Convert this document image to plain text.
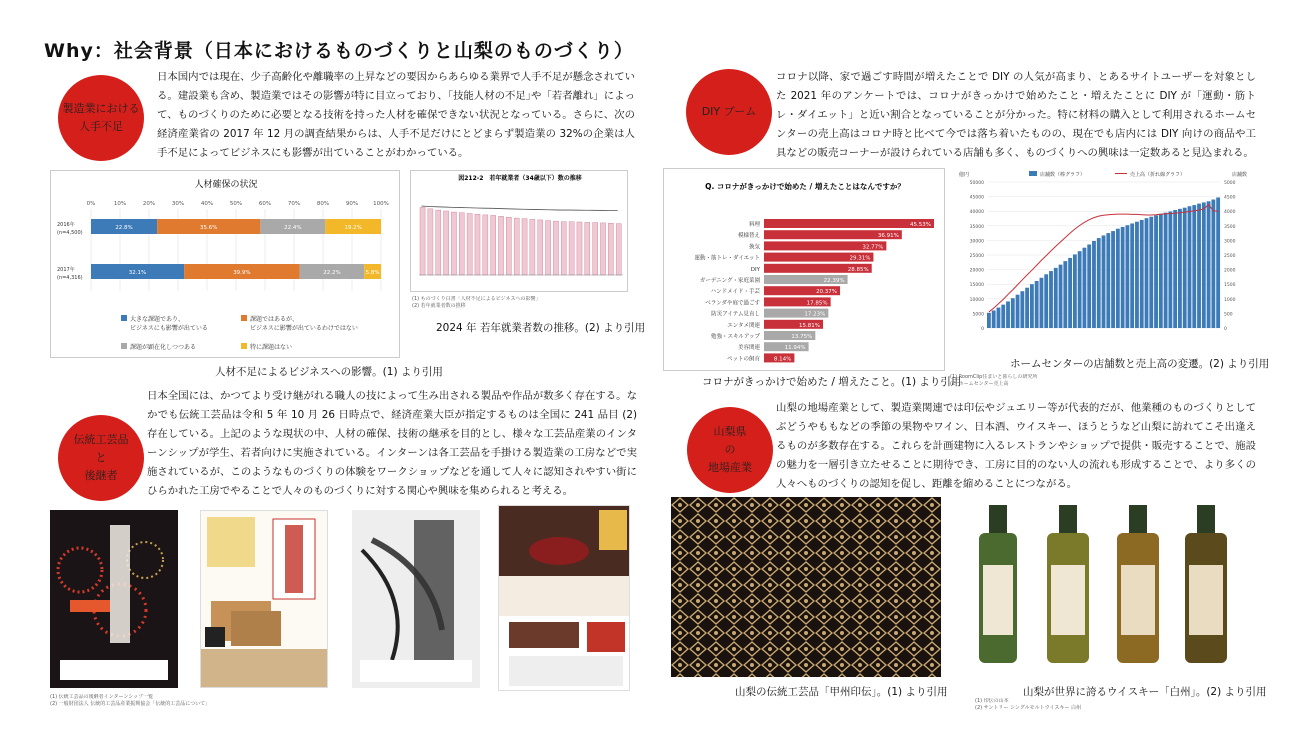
Why：社会背景（日本におけるものづくりと山梨のものづくり）
製造業における
人手不足
日本国内では現在、少子高齢化や離職率の上昇などの要因からあらゆる業界で人手不足が懸念されている。建設業も含め、製造業ではその影響が特に目立っており、｢技能人材の不足｣や「若者離れ」によって、ものづくりのために必要となる技術を持った人材を確保できない状況となっている。さらに、次の経済産業省の 2017 年 12 月の調査結果からは、人手不足だけにとどまらず製造業の 32%の企業は人手不足によってビジネスにも影響が出ていることがわかっている。
人材確保の状況
0%	10%	20%	30%	40%	50%	60%	70%	80%	90%	100%
2016年
(n=4,500)
22.8%	35.6%	22.4%	19.2%
2017年
(n=4,316)
32.1%	39.9%	22.2%	5.8%
大きな課題であり、
ビジネスにも影響が出ている
課題ではあるが、
ビジネスに影響が出ているわけではない
課題が顕在化しつつある	特に課題はない
人材不足によるビジネスへの影響。(1) より引用
図212-2　若年就業者（34歳以下）数の推移
(1) ものづくり白書「人材不足によるビジネスへの影響」
(2) 若年就業者数の推移
2024 年 若年就業者数の推移。(2) より引用
DIY ブーム
コロナ以降、家で過ごす時間が増えたことで DIY の人気が高まり、とあるサイトユーザーを対象とした 2021 年のアンケートでは、コロナがきっかけで始めたこと・増えたことに DIY が「運動・筋トレ・ダイエット」と近い割合となっていることが分かった。特に材料の購入として利用されるホームセンターの売上高はコロナ時と比べて今では落ち着いたものの、現在でも店内には DIY 向けの商品や工具などの販売コーナーが設けられている店舗も多く、ものづくりへの興味は一定数あると見込まれる。
Q. コロナがきっかけで始めた / 増えたことはなんですか？
料理	45.53%
模様替え	36.91%
換気	32.77%
運動・筋トレ・ダイエット	29.31%
DIY	28.85%
ガーデニング・家庭菜園	22.39%
ハンドメイド・手芸	20.37%
ベランダや庭で過ごす	17.85%
防災アイテム見直し	17.23%
エンタメ関連	15.81%
勉強・スキルアップ	13.75%
美容関連	11.94%
ペットの飼育	8.14%
コロナがきっかけで始めた / 増えたこと。(1) より引用
億円	店舗数
店舗数（棒グラフ）	売上高（折れ線グラフ）
50000	5000
45000	4500
40000	4000
35000	3500
30000	3000
25000	2500
20000	2000
15000	1500
10000	1000
5000	500
0	0
ホームセンターの店舗数と売上高の変遷。(2) より引用
(1) RoomClip住まいと暮らしの研究所
(2) ホームセンター売上高
伝統工芸品
と
後継者
日本全国には、かつてより受け継がれる職人の技によって生み出される製品や作品が数多く存在する。なかでも伝統工芸品は令和 5 年 10 月 26 日時点で、経済産業大臣が指定するものは全国に 241 品目 (2) 存在している。上記のような現状の中、人材の確保、技術の継承を目的とし、様々な工芸品産業のインターンシップが学生、若者向けに実施されている。インターンは各工芸品を手掛ける製造業の工房などで実施されているが、このようなものづくりの体験をワークショップなどを通して人々に認知されやすい街にひらかれた工房でやることで人々のものづくりに対する関心や興味を集められると考える。
(1) 伝統工芸品の後継者インターンシップ一覧
(2) 一般財団法人 伝統的工芸品産業振興協会「伝統的工芸品について」
山梨県
の
地場産業
山梨の地場産業として、製造業関連では印伝やジュエリー等が代表的だが、他業種のものづくりとしてぶどうやももなどの季節の果物やワイン、日本酒、ウイスキー、ほうとうなど山梨に訪れてこそ出逢えるものが多数存在する。これらを計画建物に入るレストランやショップで提供・販売することで、施設の魅力を一層引き立たせることに期待でき、工房に目的のない人の流れも形成することで、より多くの人々へものづくりの認知を促し、距離を縮めることにつながる。
山梨の伝統工芸品「甲州印伝」。(1) より引用	山梨が世界に誇るウイスキー「白州」。(2) より引用
(1) 印伝の山本
(2) サントリー シングルモルトウイスキー 白州
